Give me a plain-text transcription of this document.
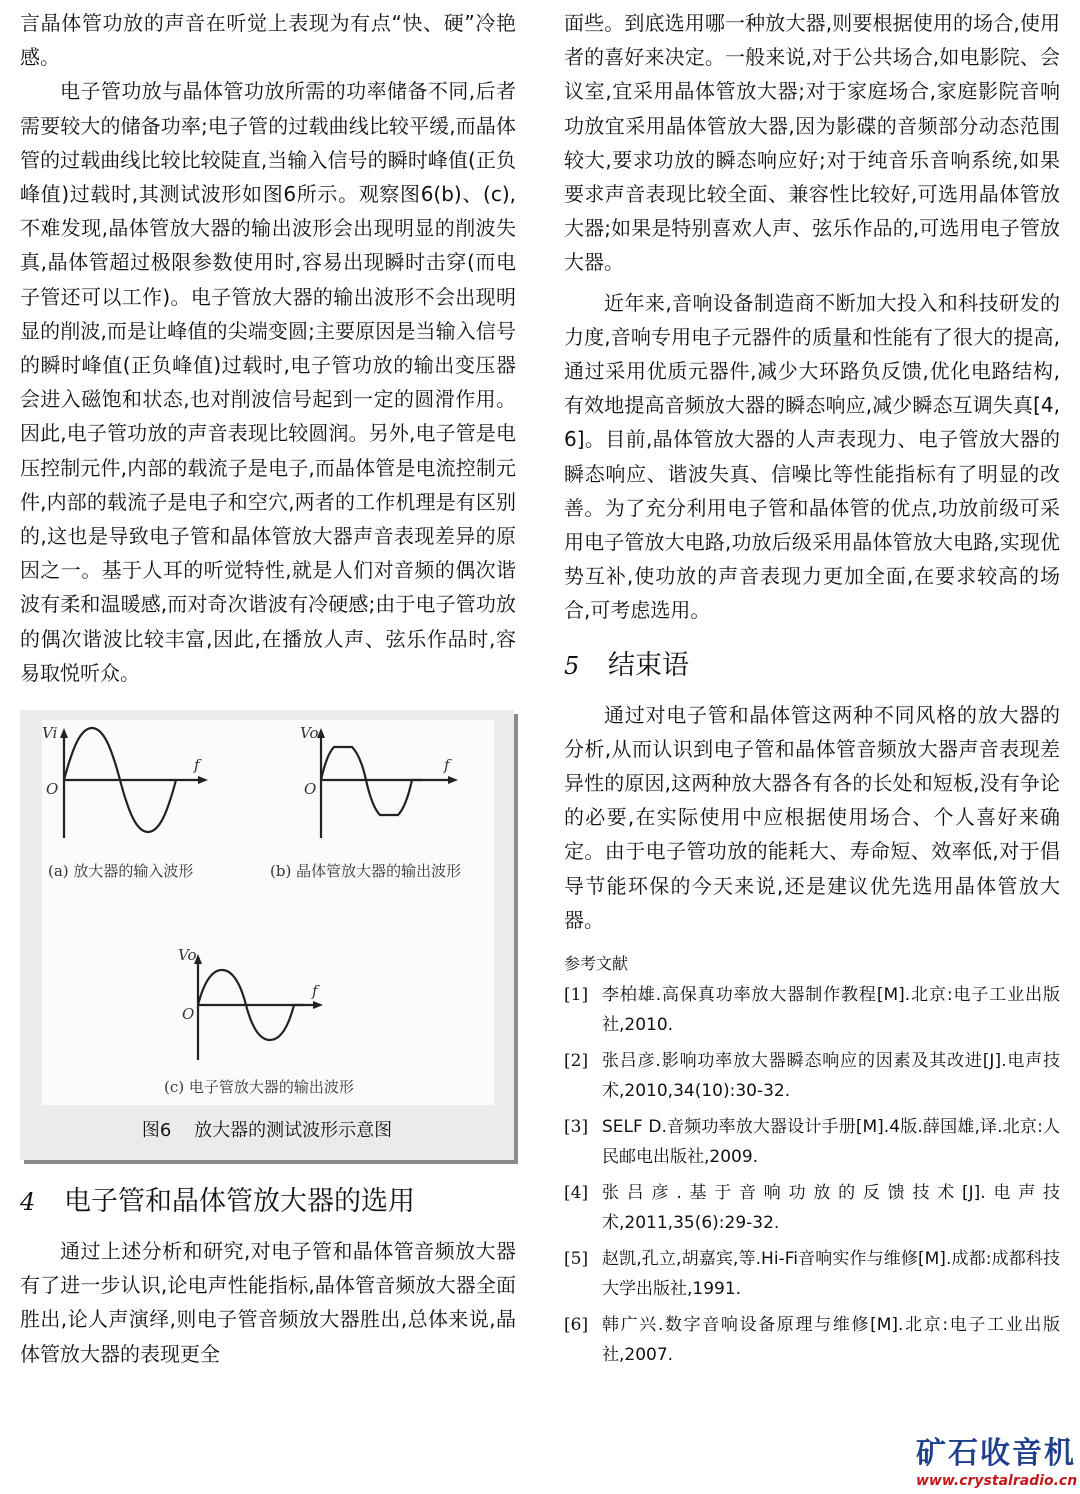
言晶体管功放的声音在听觉上表现为有点“快、硬”冷艳感。

电子管功放与晶体管功放所需的功率储备不同,后者需要较大的储备功率;电子管的过载曲线比较平缓,而晶体管的过载曲线比较比较陡直,当输入信号的瞬时峰值(正负峰值)过载时,其测试波形如图6所示。观察图6(b)、(c),不难发现,晶体管放大器的输出波形会出现明显的削波失真,晶体管超过极限参数使用时,容易出现瞬时击穿(而电子管还可以工作)。电子管放大器的输出波形不会出现明显的削波,而是让峰值的尖端变圆;主要原因是当输入信号的瞬时峰值(正负峰值)过载时,电子管功放的输出变压器会进入磁饱和状态,也对削波信号起到一定的圆滑作用。因此,电子管功放的声音表现比较圆润。另外,电子管是电压控制元件,内部的载流子是电子,而晶体管是电流控制元件,内部的载流子是电子和空穴,两者的工作机理是有区别的,这也是导致电子管和晶体管放大器声音表现差异的原因之一。基于人耳的听觉特性,就是人们对音频的偶次谐波有柔和温暖感,而对奇次谐波有冷硬感;由于电子管功放的偶次谐波比较丰富,因此,在播放人声、弦乐作品时,容易取悦听众。

Vi
f
O
(a) 放大器的输入波形
Vo
f
O
(b) 晶体管放大器的输出波形
Vo
f
O
(c) 电子管放大器的输出波形
图6 放大器的测试波形示意图
4	电子管和晶体管放大器的选用

通过上述分析和研究,对电子管和晶体管音频放大器有了进一步认识,论电声性能指标,晶体管音频放大器全面胜出,论人声演绎,则电子管音频放大器胜出,总体来说,晶体管放大器的表现更全

面些。到底选用哪一种放大器,则要根据使用的场合,使用者的喜好来决定。一般来说,对于公共场合,如电影院、会议室,宜采用晶体管放大器;对于家庭场合,家庭影院音响功放宜采用晶体管放大器,因为影碟的音频部分动态范围较大,要求功放的瞬态响应好;对于纯音乐音响系统,如果要求声音表现比较全面、兼容性比较好,可选用晶体管放大器;如果是特别喜欢人声、弦乐作品的,可选用电子管放大器。

近年来,音响设备制造商不断加大投入和科技研发的力度,音响专用电子元器件的质量和性能有了很大的提高,通过采用优质元器件,减少大环路负反馈,优化电路结构,有效地提高音频放大器的瞬态响应,减少瞬态互调失真[4,6]。目前,晶体管放大器的人声表现力、电子管放大器的瞬态响应、谐波失真、信噪比等性能指标有了明显的改善。为了充分利用电子管和晶体管的优点,功放前级可采用电子管放大电路,功放后级采用晶体管放大电路,实现优势互补,使功放的声音表现力更加全面,在要求较高的场合,可考虑选用。

5	结束语

通过对电子管和晶体管这两种不同风格的放大器的分析,从而认识到电子管和晶体管音频放大器声音表现差异性的原因,这两种放大器各有各的长处和短板,没有争论的必要,在实际使用中应根据使用场合、个人喜好来确定。由于电子管功放的能耗大、寿命短、效率低,对于倡导节能环保的今天来说,还是建议优先选用晶体管放大器。

参考文献
[1] 李柏雄.高保真功率放大器制作教程[M].北京:电子工业出版社,2010.
[2] 张吕彦.影响功率放大器瞬态响应的因素及其改进[J].电声技术,2010,34(10):30-32.
[3] SELF D.音频功率放大器设计手册[M].4版.薛国雄,译.北京:人民邮电出版社,2009.
[4] 张吕彦.基于音响功放的反馈技术[J].电声技术,2011,35(6):29-32.
[5] 赵凯,孔立,胡嘉宾,等.Hi-Fi音响实作与维修[M].成都:成都科技大学出版社,1991.
[6] 韩广兴.数字音响设备原理与维修[M].北京:电子工业出版社,2007.
矿石收音机
www.crystalradio.cn
